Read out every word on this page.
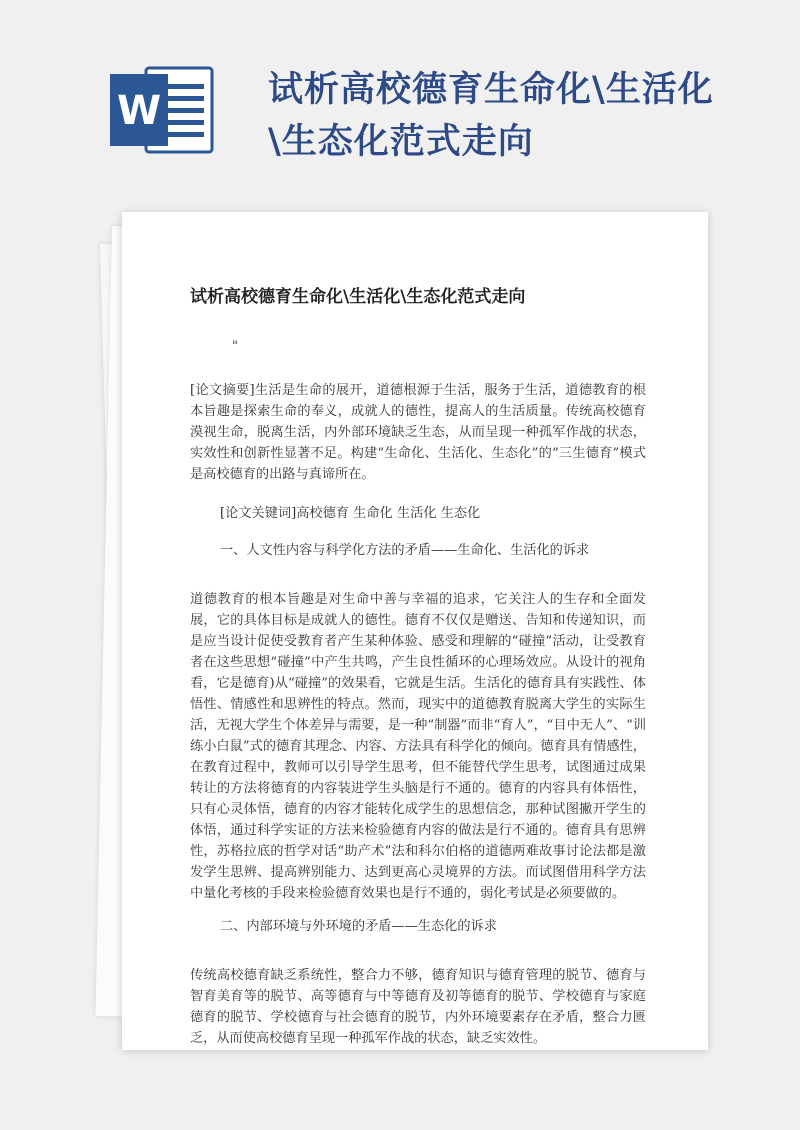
W	试析高校德育生命化\生活化
\生态化范式走向
试析高校德育生命化\生活化\生态化范式走向
"

[论文摘要]生活是生命的展开，道德根源于生活，服务于生活，道德教育的根本旨趣是探索生命的奉义，成就人的德性，提高人的生活质量。传统高校德育漠视生命，脱离生活，内外部环境缺乏生态，从而呈现一种孤军作战的状态，实效性和创新性显著不足。构建“生命化、生活化、生态化”的“三生德育”模式是高校德育的出路与真谛所在。

[论文关键词]高校德育 生命化 生活化 生态化

一、人文性内容与科学化方法的矛盾——生命化、生活化的诉求

道德教育的根本旨趣是对生命中善与幸福的追求，它关注人的生存和全面发展，它的具体目标是成就人的德性。德育不仅仅是赠送、告知和传递知识，而是应当设计促使受教育者产生某种体验、感受和理解的“碰撞”活动，让受教育者在这些思想“碰撞”中产生共鸣，产生良性循环的心理场效应。从设计的视角看，它是德育)从“碰撞”的效果看，它就是生活。生活化的德育具有实践性、体悟性、情感性和思辨性的特点。然而，现实中的道德教育脱离大学生的实际生活，无视大学生个体差异与需要，是一种“制器”而非“育人”，“目中无人”、“训练小白鼠”式的德育其理念、内容、方法具有科学化的倾向。德育具有情感性，在教育过程中，教师可以引导学生思考，但不能替代学生思考，试图通过成果转让的方法将德育的内容装进学生头脑是行不通的。德育的内容具有体悟性，只有心灵体悟，德育的内容才能转化成学生的思想信念，那种试图撇开学生的体悟，通过科学实证的方法来检验德育内容的做法是行不通的。德育具有思辨性，苏格拉底的哲学对话“助产术”法和科尔伯格的道德两难故事讨论法都是激发学生思辨、提高辨别能力、达到更高心灵境界的方法。而试图借用科学方法中量化考核的手段来检验德育效果也是行不通的，弱化考试是必须要做的。

二、内部环境与外环境的矛盾——生态化的诉求

传统高校德育缺乏系统性，整合力不够，德育知识与德育管理的脱节、德育与智育美育等的脱节、高等德育与中等德育及初等德育的脱节、学校德育与家庭德育的脱节、学校德育与社会德育的脱节，内外环境要素存在矛盾，整合力匮乏，从而使高校德育呈现一种孤军作战的状态，缺乏实效性。
